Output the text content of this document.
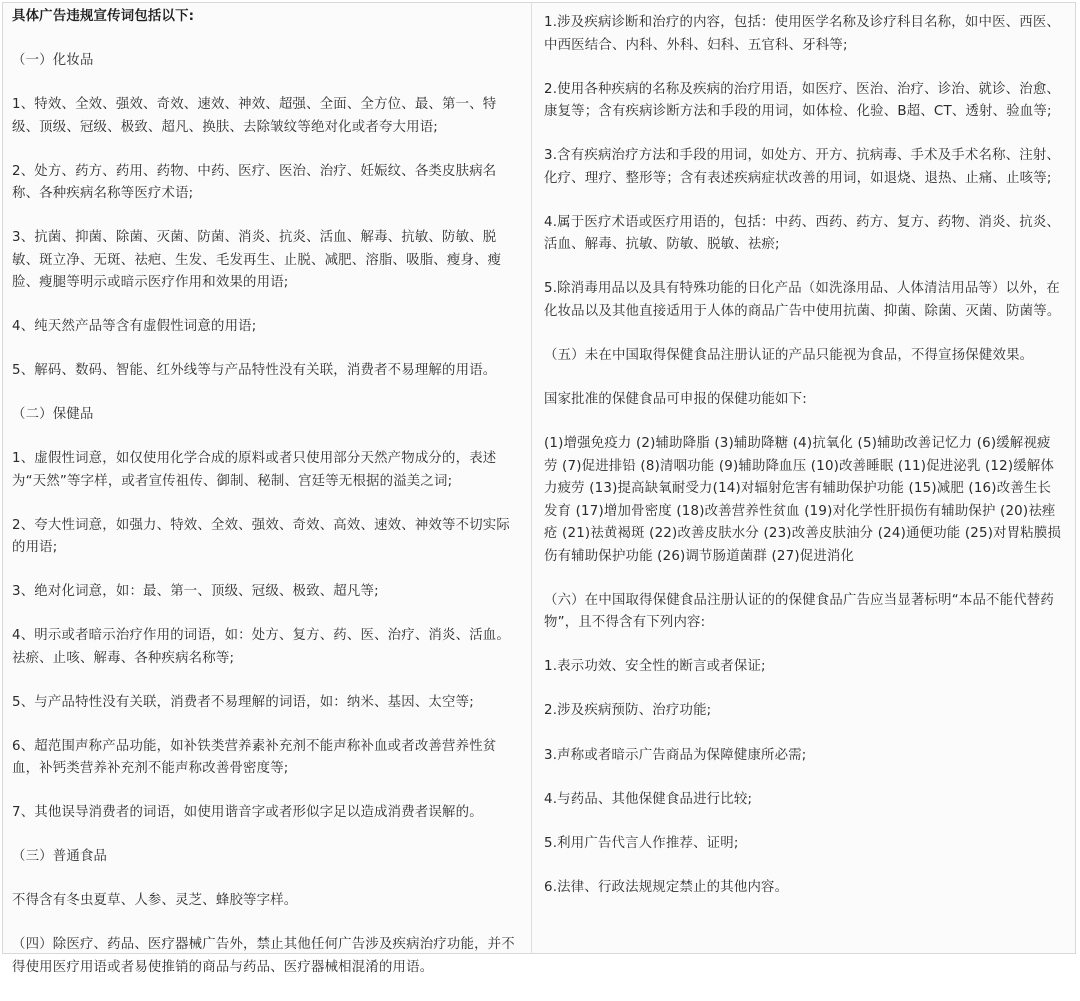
具体广告违规宣传词包括以下:

（一）化妆品

1、特效、全效、强效、奇效、速效、神效、超强、全面、全方位、最、第一、特级、顶级、冠级、极致、超凡、换肤、去除皱纹等绝对化或者夸大用语;

2、处方、药方、药用、药物、中药、医疗、医治、治疗、妊娠纹、各类皮肤病名称、各种疾病名称等医疗术语;

3、抗菌、抑菌、除菌、灭菌、防菌、消炎、抗炎、活血、解毒、抗敏、防敏、脱敏、斑立净、无斑、祛疤、生发、毛发再生、止脱、减肥、溶脂、吸脂、瘦身、瘦脸、瘦腿等明示或暗示医疗作用和效果的用语;

4、纯天然产品等含有虚假性词意的用语;

5、解码、数码、智能、红外线等与产品特性没有关联，消费者不易理解的用语。

（二）保健品

1、虚假性词意，如仅使用化学合成的原料或者只使用部分天然产物成分的，表述为“天然”等字样，或者宣传祖传、御制、秘制、宫廷等无根据的溢美之词;

2、夸大性词意，如强力、特效、全效、强效、奇效、高效、速效、神效等不切实际的用语;

3、绝对化词意，如：最、第一、顶级、冠级、极致、超凡等;

4、明示或者暗示治疗作用的词语，如：处方、复方、药、医、治疗、消炎、活血。祛瘀、止咳、解毒、各种疾病名称等;

5、与产品特性没有关联，消费者不易理解的词语，如：纳米、基因、太空等;

6、超范围声称产品功能，如补铁类营养素补充剂不能声称补血或者改善营养性贫血，补钙类营养补充剂不能声称改善骨密度等;

7、其他误导消费者的词语，如使用谐音字或者形似字足以造成消费者误解的。

（三）普通食品

不得含有冬虫夏草、人参、灵芝、蜂胶等字样。

（四）除医疗、药品、医疗器械广告外，禁止其他任何广告涉及疾病治疗功能，并不得使用医疗用语或者易使推销的商品与药品、医疗器械相混淆的用语。

1.涉及疾病诊断和治疗的内容，包括：使用医学名称及诊疗科目名称，如中医、西医、中西医结合、内科、外科、妇科、五官科、牙科等;

2.使用各种疾病的名称及疾病的治疗用语，如医疗、医治、治疗、诊治、就诊、治愈、康复等；含有疾病诊断方法和手段的用词，如体检、化验、B超、CT、透射、验血等;

3.含有疾病治疗方法和手段的用词，如处方、开方、抗病毒、手术及手术名称、注射、化疗、理疗、整形等；含有表述疾病症状改善的用词，如退烧、退热、止痛、止咳等;

4.属于医疗术语或医疗用语的，包括：中药、西药、药方、复方、药物、消炎、抗炎、活血、解毒、抗敏、防敏、脱敏、祛瘀;

5.除消毒用品以及具有特殊功能的日化产品（如洗涤用品、人体清洁用品等）以外，在化妆品以及其他直接适用于人体的商品广告中使用抗菌、抑菌、除菌、灭菌、防菌等。

（五）未在中国取得保健食品注册认证的产品只能视为食品，不得宣扬保健效果。

国家批准的保健食品可申报的保健功能如下:

(1)增强免疫力 (2)辅助降脂 (3)辅助降糖 (4)抗氧化 (5)辅助改善记忆力 (6)缓解视疲劳 (7)促进排铅 (8)清咽功能 (9)辅助降血压 (10)改善睡眠 (11)促进泌乳 (12)缓解体力疲劳 (13)提高缺氧耐受力(14)对辐射危害有辅助保护功能 (15)减肥 (16)改善生长发育 (17)增加骨密度 (18)改善营养性贫血 (19)对化学性肝损伤有辅助保护 (20)祛痤疮 (21)祛黄褐斑 (22)改善皮肤水分 (23)改善皮肤油分 (24)通便功能 (25)对胃粘膜损伤有辅助保护功能 (26)调节肠道菌群 (27)促进消化

（六）在中国取得保健食品注册认证的的保健食品广告应当显著标明“本品不能代替药物”，且不得含有下列内容:

1.表示功效、安全性的断言或者保证;

2.涉及疾病预防、治疗功能;

3.声称或者暗示广告商品为保障健康所必需;

4.与药品、其他保健食品进行比较;

5.利用广告代言人作推荐、证明;

6.法律、行政法规规定禁止的其他内容。
